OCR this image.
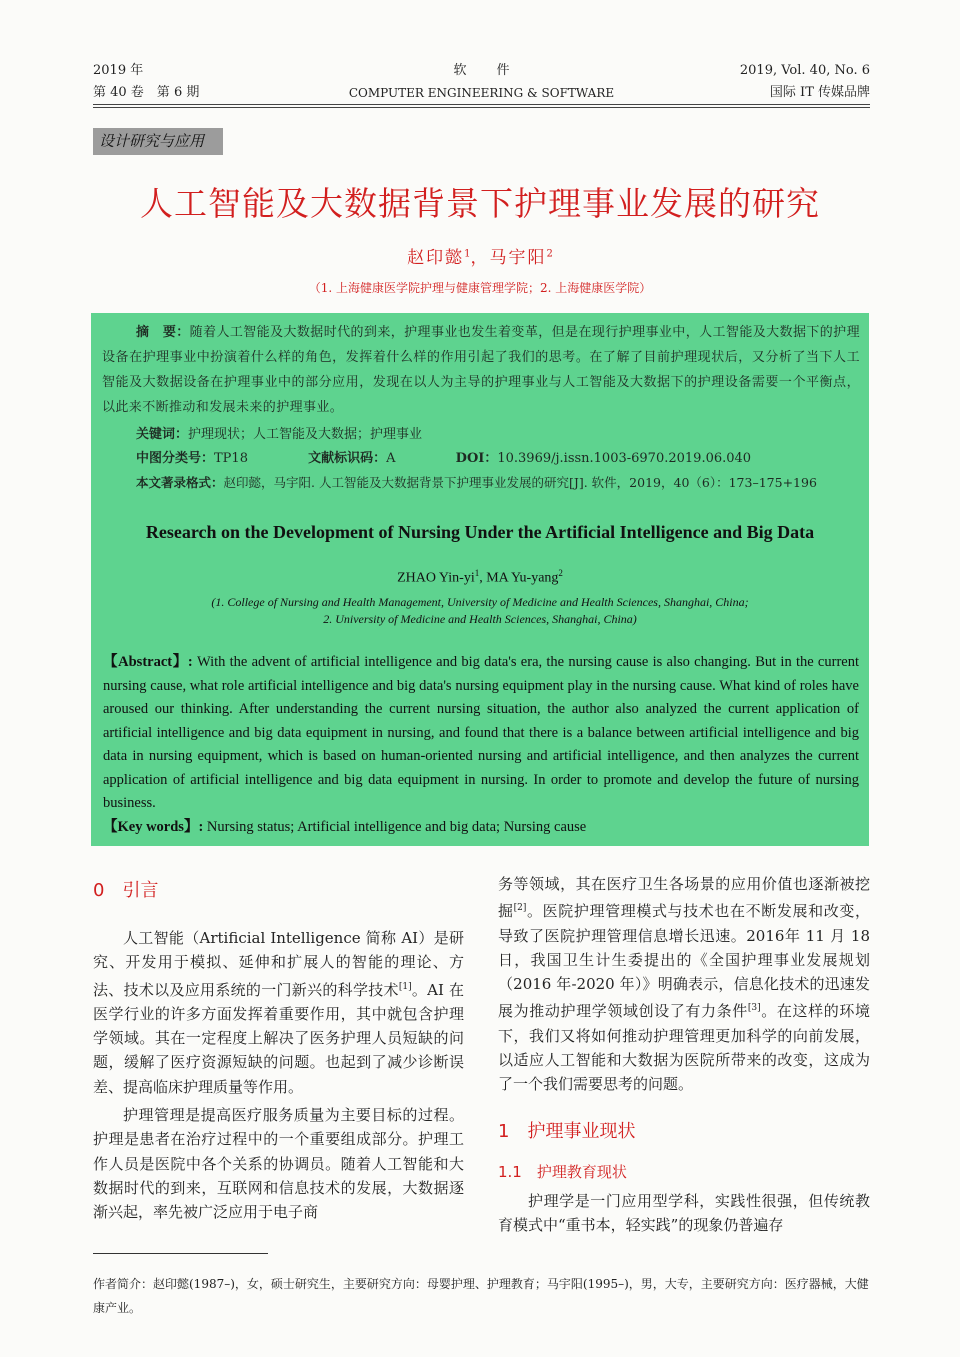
2019 年
第 40 卷　第 6 期
软件
COMPUTER ENGINEERING & SOFTWARE
2019, Vol. 40, No. 6
国际 IT 传媒品牌
设计研究与应用
人工智能及大数据背景下护理事业发展的研究
赵印懿$^1$，马宇阳$^2$
（1. 上海健康医学院护理与健康管理学院；2. 上海健康医学院）
摘　要：随着人工智能及大数据时代的到来，护理事业也发生着变革，但是在现行护理事业中，人工智能及大数据下的护理设备在护理事业中扮演着什么样的角色，发挥着什么样的作用引起了我们的思考。在了解了目前护理现状后，又分析了当下人工智能及大数据设备在护理事业中的部分应用，发现在以人为主导的护理事业与人工智能及大数据下的护理设备需要一个平衡点，以此来不断推动和发展未来的护理事业。
关键词：护理现状；人工智能及大数据；护理事业
中图分类号：TP18	文献标识码：A	DOI：10.3969/j.issn.1003-6970.2019.06.040
本文著录格式：赵印懿，马宇阳. 人工智能及大数据背景下护理事业发展的研究[J]. 软件，2019，40（6）：173–175+196
Research on the Development of Nursing Under the Artificial Intelligence and Big Data
ZHAO Yin-$yi^1$, MA Yu-yang$^2$
(1. College of Nursing and Health Management, University of Medicine and Health Sciences, Shanghai, China;
2. University of Medicine and Health Sciences, Shanghai, China)
【Abstract】: With the advent of artificial intelligence and big data's era, the nursing cause is also changing. But in the current nursing cause, what role artificial intelligence and big data's nursing equipment play in the nursing cause. What kind of roles have aroused our thinking. After understanding the current nursing situation, the author also analyzed the current application of artificial intelligence and big data equipment in nursing, and found that there is a balance between artificial intelligence and big data in nursing equipment, which is based on human-oriented nursing and artificial intelligence, and then analyzes the current application of artificial intelligence and big data equipment in nursing. In order to promote and develop the future of nursing business.
【Key words】: Nursing status; Artificial intelligence and big data; Nursing cause
0　引言

人工智能（Artificial Intelligence 简称 AI）是研究、开发用于模拟、延伸和扩展人的智能的理论、方法、技术以及应用系统的一门新兴的科学技术[1]。AI 在医学行业的许多方面发挥着重要作用，其中就包含护理学领域。其在一定程度上解决了医务护理人员短缺的问题，缓解了医疗资源短缺的问题。也起到了减少诊断误差、提高临床护理质量等作用。

护理管理是提高医疗服务质量为主要目标的过程。护理是患者在治疗过程中的一个重要组成部分。护理工作人员是医院中各个关系的协调员。随着人工智能和大数据时代的到来，互联网和信息技术的发展，大数据逐渐兴起，率先被广泛应用于电子商

务等领域，其在医疗卫生各场景的应用价值也逐渐被挖掘[2]。医院护理管理模式与技术也在不断发展和改变，导致了医院护理管理信息增长迅速。2016年 11 月 18 日，我国卫生计生委提出的《全国护理事业发展规划（2016 年-2020 年）》明确表示，信息化技术的迅速发展为推动护理学领域创设了有力条件[3]。在这样的环境下，我们又将如何推动护理管理更加科学的向前发展，以适应人工智能和大数据为医院所带来的改变，这成为了一个我们需要思考的问题。

1　护理事业现状
1.1　护理教育现状

护理学是一门应用型学科，实践性很强，但传统教育模式中“重书本，轻实践”的现象仍普遍存

作者简介：赵印懿(1987–)，女，硕士研究生，主要研究方向：母婴护理、护理教育；马宇阳(1995–)，男，大专，主要研究方向：医疗器械，大健康产业。
